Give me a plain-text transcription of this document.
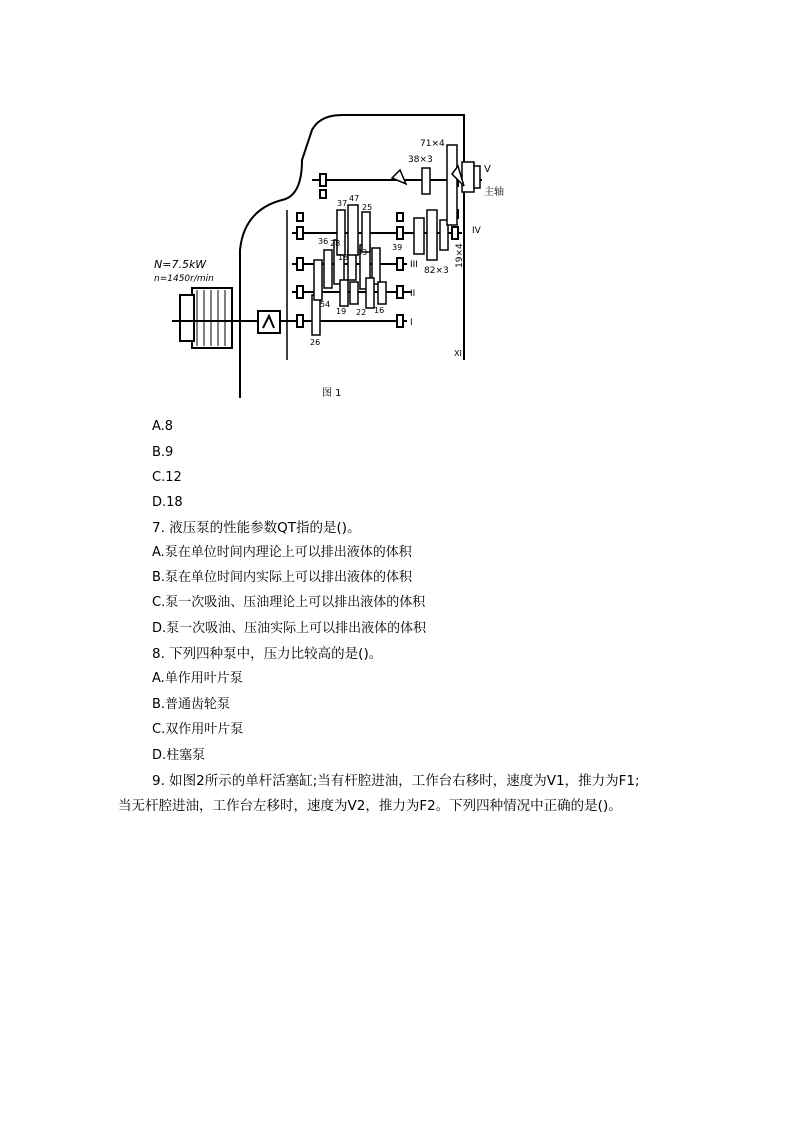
N=7.5kW
n=1450r/min
71×4
38×3
V
主轴
IV
82×3
19×4
III
II
I
XI
37
47
25
36 28
18
33
39
54
19 22 16
26
图 1
A.8
B.9
C.12
D.18
7. 液压泵的性能参数QT指的是()。
A.泵在单位时间内理论上可以排出液体的体积
B.泵在单位时间内实际上可以排出液体的体积
C.泵一次吸油、压油理论上可以排出液体的体积
D.泵一次吸油、压油实际上可以排出液体的体积
8. 下列四种泵中，压力比较高的是()。
A.单作用叶片泵
B.普通齿轮泵
C.双作用叶片泵
D.柱塞泵
9. 如图2所示的单杆活塞缸;当有杆腔进油，工作台右移时，速度为V1，推力为F1;
当无杆腔进油，工作台左移时，速度为V2，推力为F2。下列四种情况中正确的是()。
